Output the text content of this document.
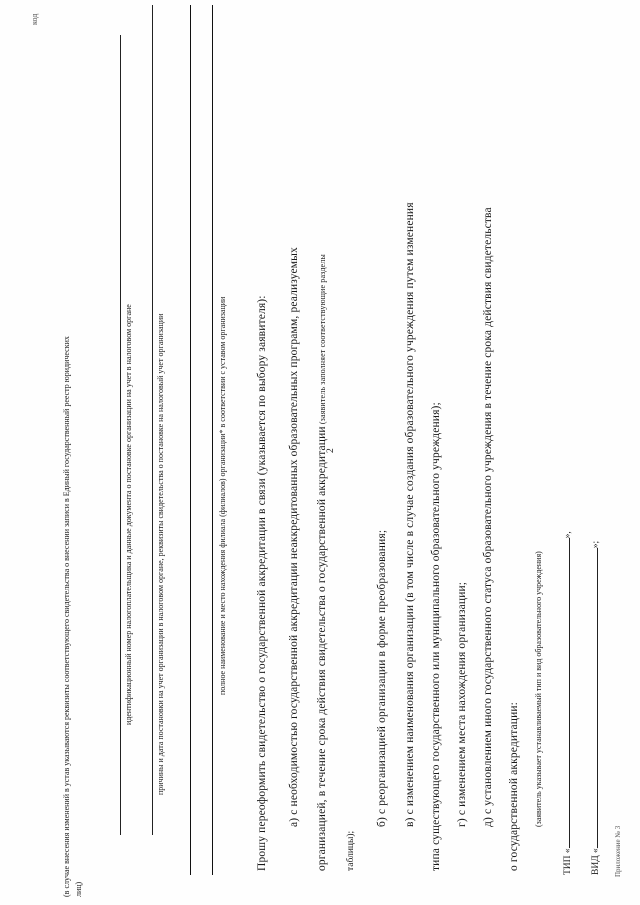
2
(в случае внесения изменений в устав указываются реквизиты соответствующего свидетельства о внесении записи в Единый государственный реестр юридических лиц)
код
идентификационный номер налогоплательщика и данные документа о постановке организации на учет в налоговом органе	причины и дата постановки на учет организации в налоговом органе, реквизиты свидетельства о постановке на налоговый учет организации	полное наименование и место нахождения филиала (филиалов) организации* в соответствии с уставом организации	Прошу переоформить свидетельство о государственной аккредитации в связи (указывается по выбору заявителя): а) с необходимостью государственной аккредитации неаккредитованных образовательных программ, реализуемых организацией, в течение срока действия свидетельства о государственной аккредитации (заявитель заполняет соответствующие разделы
таблицы);
б) с реорганизацией организации в форме преобразования; в) с изменением наименования организации (в том числе в случае создания образовательного учреждения путем изменения типа существующего государственного или муниципального образовательного учреждения); г) с изменением места нахождения организации; д) с установлением иного государственного статуса образовательного учреждения в течение срока действия свидетельства о государственной аккредитации: (заявитель указывает устанавливаемый тип и вид образовательного учреждения)
ТИП «»,
ВИД «»;
Приложение № 3
